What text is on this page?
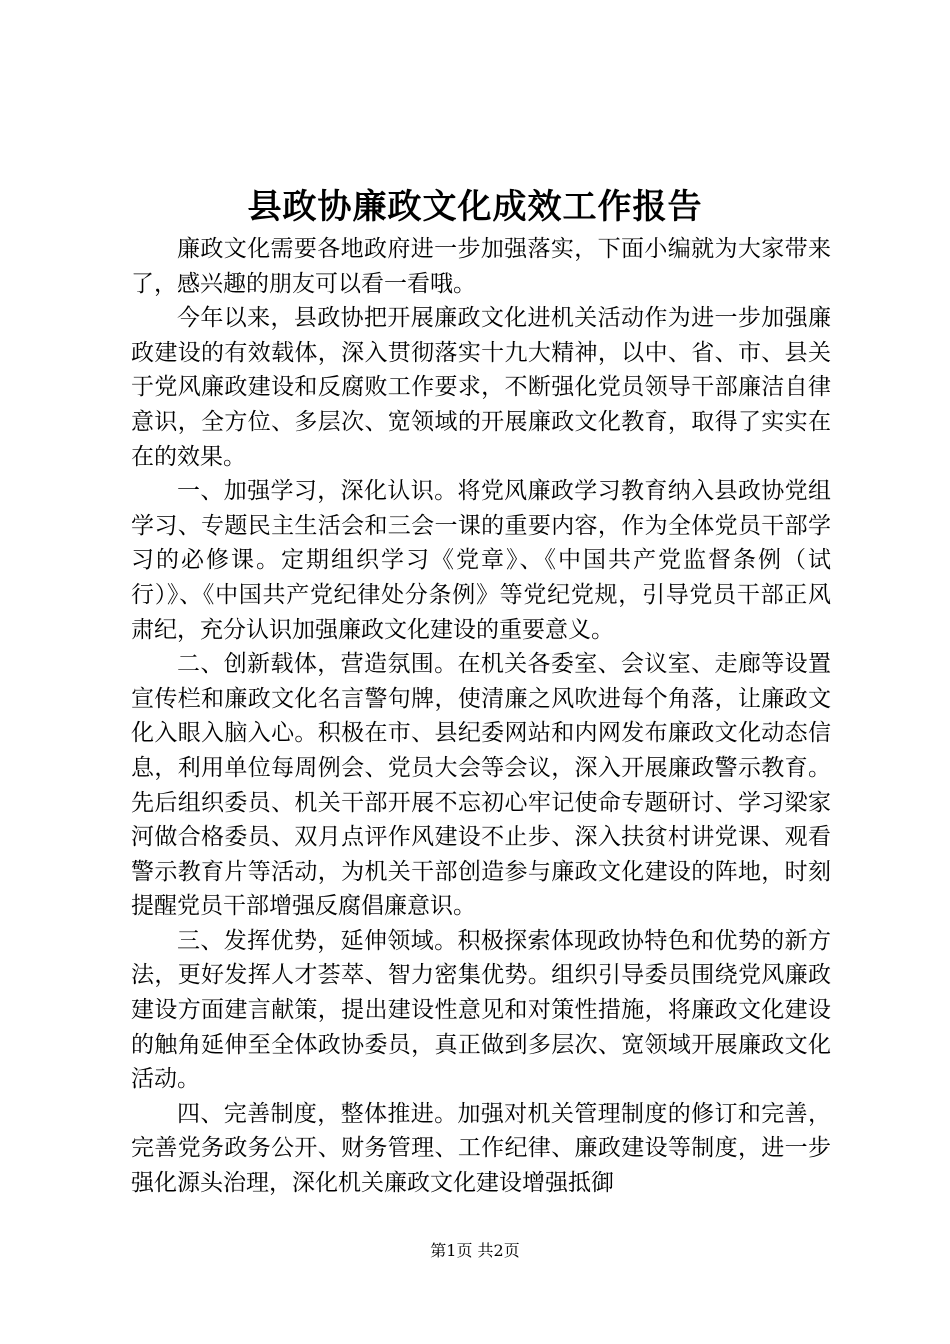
县政协廉政文化成效工作报告

廉政文化需要各地政府进一步加强落实，下面小编就为大家带来了，感兴趣的朋友可以看一看哦。

今年以来，县政协把开展廉政文化进机关活动作为进一步加强廉政建设的有效载体，深入贯彻落实十九大精神，以中、省、市、县关于党风廉政建设和反腐败工作要求，不断强化党员领导干部廉洁自律意识，全方位、多层次、宽领域的开展廉政文化教育，取得了实实在在的效果。

一、加强学习，深化认识。将党风廉政学习教育纳入县政协党组学习、专题民主生活会和三会一课的重要内容，作为全体党员干部学习的必修课。定期组织学习《党章》、《中国共产党监督条例（试行）》、《中国共产党纪律处分条例》等党纪党规，引导党员干部正风肃纪，充分认识加强廉政文化建设的重要意义。

二、创新载体，营造氛围。在机关各委室、会议室、走廊等设置宣传栏和廉政文化名言警句牌，使清廉之风吹进每个角落，让廉政文化入眼入脑入心。积极在市、县纪委网站和内网发布廉政文化动态信息，利用单位每周例会、党员大会等会议，深入开展廉政警示教育。先后组织委员、机关干部开展不忘初心牢记使命专题研讨、学习梁家河做合格委员、双月点评作风建设不止步、深入扶贫村讲党课、观看警示教育片等活动，为机关干部创造参与廉政文化建设的阵地，时刻提醒党员干部增强反腐倡廉意识。

三、发挥优势，延伸领域。积极探索体现政协特色和优势的新方法，更好发挥人才荟萃、智力密集优势。组织引导委员围绕党风廉政建设方面建言献策，提出建设性意见和对策性措施，将廉政文化建设的触角延伸至全体政协委员，真正做到多层次、宽领域开展廉政文化活动。

四、完善制度，整体推进。加强对机关管理制度的修订和完善，完善党务政务公开、财务管理、工作纪律、廉政建设等制度，进一步强化源头治理，深化机关廉政文化建设增强抵御

第1页 共2页
